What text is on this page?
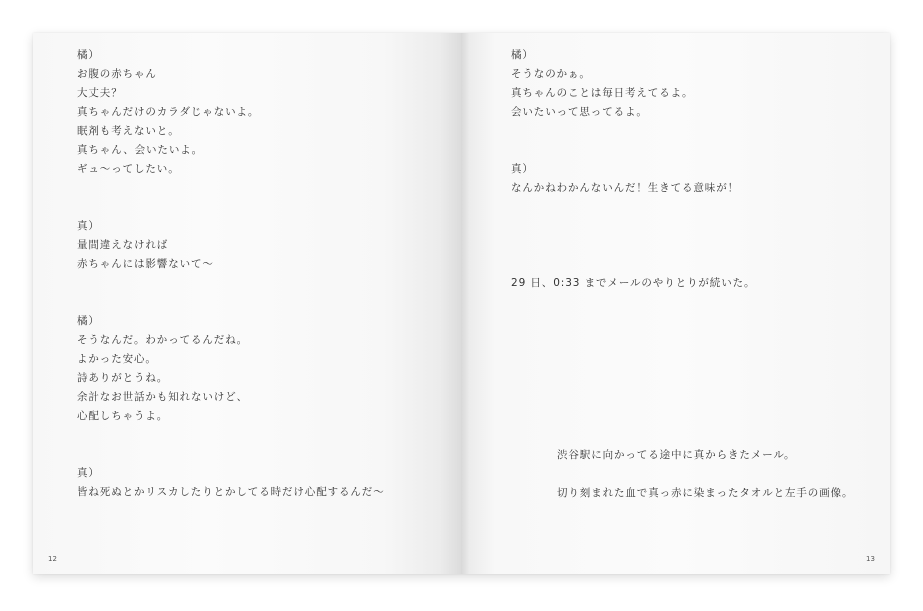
橘）
お腹の赤ちゃん
大丈夫？
真ちゃんだけのカラダじゃないよ。
眠剤も考えないと。
真ちゃん、会いたいよ。
ギュ〜ってしたい。
真）
量間違えなければ
赤ちゃんには影響ないて〜
橘）
そうなんだ。わかってるんだね。
よかった安心。
詩ありがとうね。
余計なお世話かも知れないけど、
心配しちゃうよ。
真）
皆ね死ぬとかリスカしたりとかしてる時だけ心配するんだ〜
12
橘）
そうなのかぁ。
真ちゃんのことは毎日考えてるよ。
会いたいって思ってるよ。
真）
なんかねわかんないんだ！生きてる意味が！
29 日、0:33 までメールのやりとりが続いた。
渋谷駅に向かってる途中に真からきたメール。
切り刻まれた血で真っ赤に染まったタオルと左手の画像。
13
